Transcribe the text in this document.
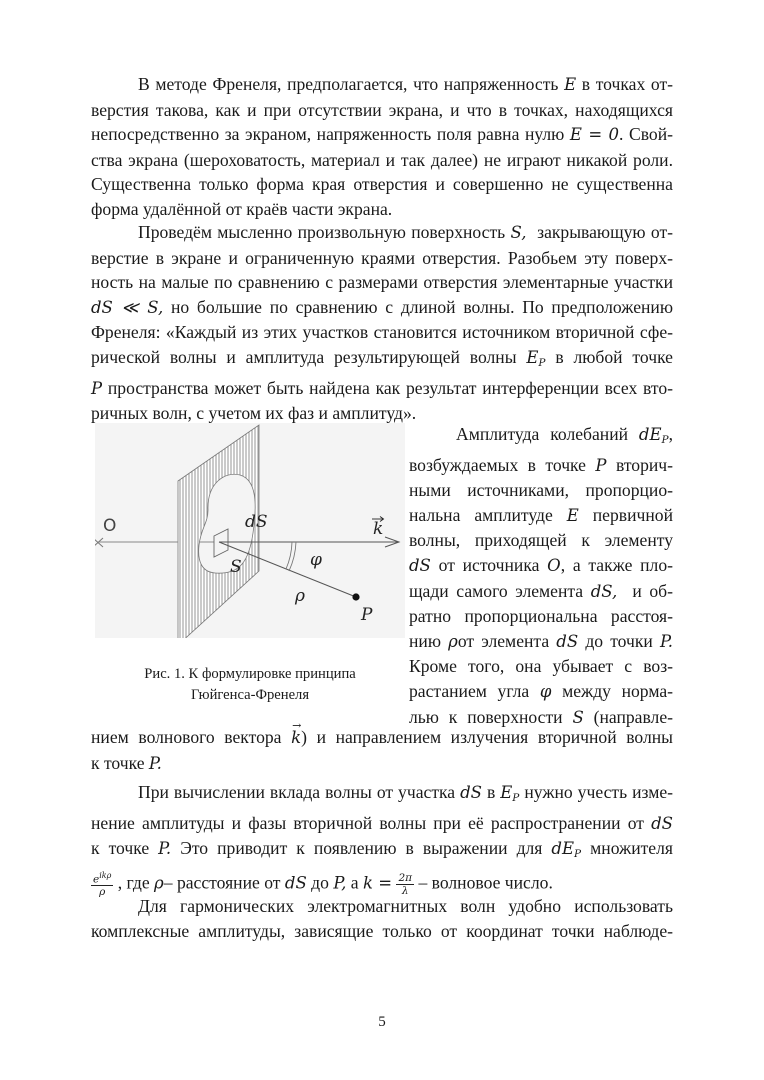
В методе Френеля, предполагается, что напряженность E в точках от-
верстия такова, как и при отсутствии экрана, и что в точках, находящихся
непосредственно за экраном, напряженность поля равна нулю E = 0. Свой-
ства экрана (шероховатость, материал и так далее) не играют никакой роли.
Существенна только форма края отверстия и совершенно не существенна
форма удалённой от краёв части экрана.
Проведём мысленно произвольную поверхность S, закрывающую от-
верстие в экране и ограниченную краями отверстия. Разобьем эту поверх-
ность на малые по сравнению с размерами отверстия элементарные участки
dS ≪ S, но большие по сравнению с длиной волны. По предположению
Френеля: «Каждый из этих участков становится источником вторичной сфе-
рической волны и амплитуда результирующей волны $E_P$ в любой точке
P пространства может быть найдена как результат интерференции всех вто-
ричных волн, с учетом их фаз и амплитуд».
O	dS
S
k
φ
ρ
P
Рис. 1. К формулировке принципа
Гюйгенса-Френеля
Амплитуда колебаний $dE_P$,
возбуждаемых в точке P вторич-
ными источниками, пропорцио-
нальна амплитуде E первичной
волны, приходящей к элементу
dS от источника O, а также пло-
щади самого элемента dS, и об-
ратно пропорциональна расстоя-
нию ρот элемента dS до точки P.
Кроме того, она убывает с воз-
растанием угла φ между норма-
лью к поверхности S (направле-
нием волнового вектора → k) и направлением излучения вторичной волны
к точке P.
При вычислении вклада волны от участка dS в $E_P$ нужно учесть изме-
нение амплитуды и фазы вторичной волны при её распространении от dS
к точке P. Это приводит к появлению в выражении для $dE_P$ множителя
$\frac{e^{ik\rho}}{\rho}$ , где ρ– расстояние от dS до P, а $k = \frac{2\pi}{\lambda}$ – волновое число.
Для гармонических электромагнитных волн удобно использовать
комплексные амплитуды, зависящие только от координат точки наблюде-
5
